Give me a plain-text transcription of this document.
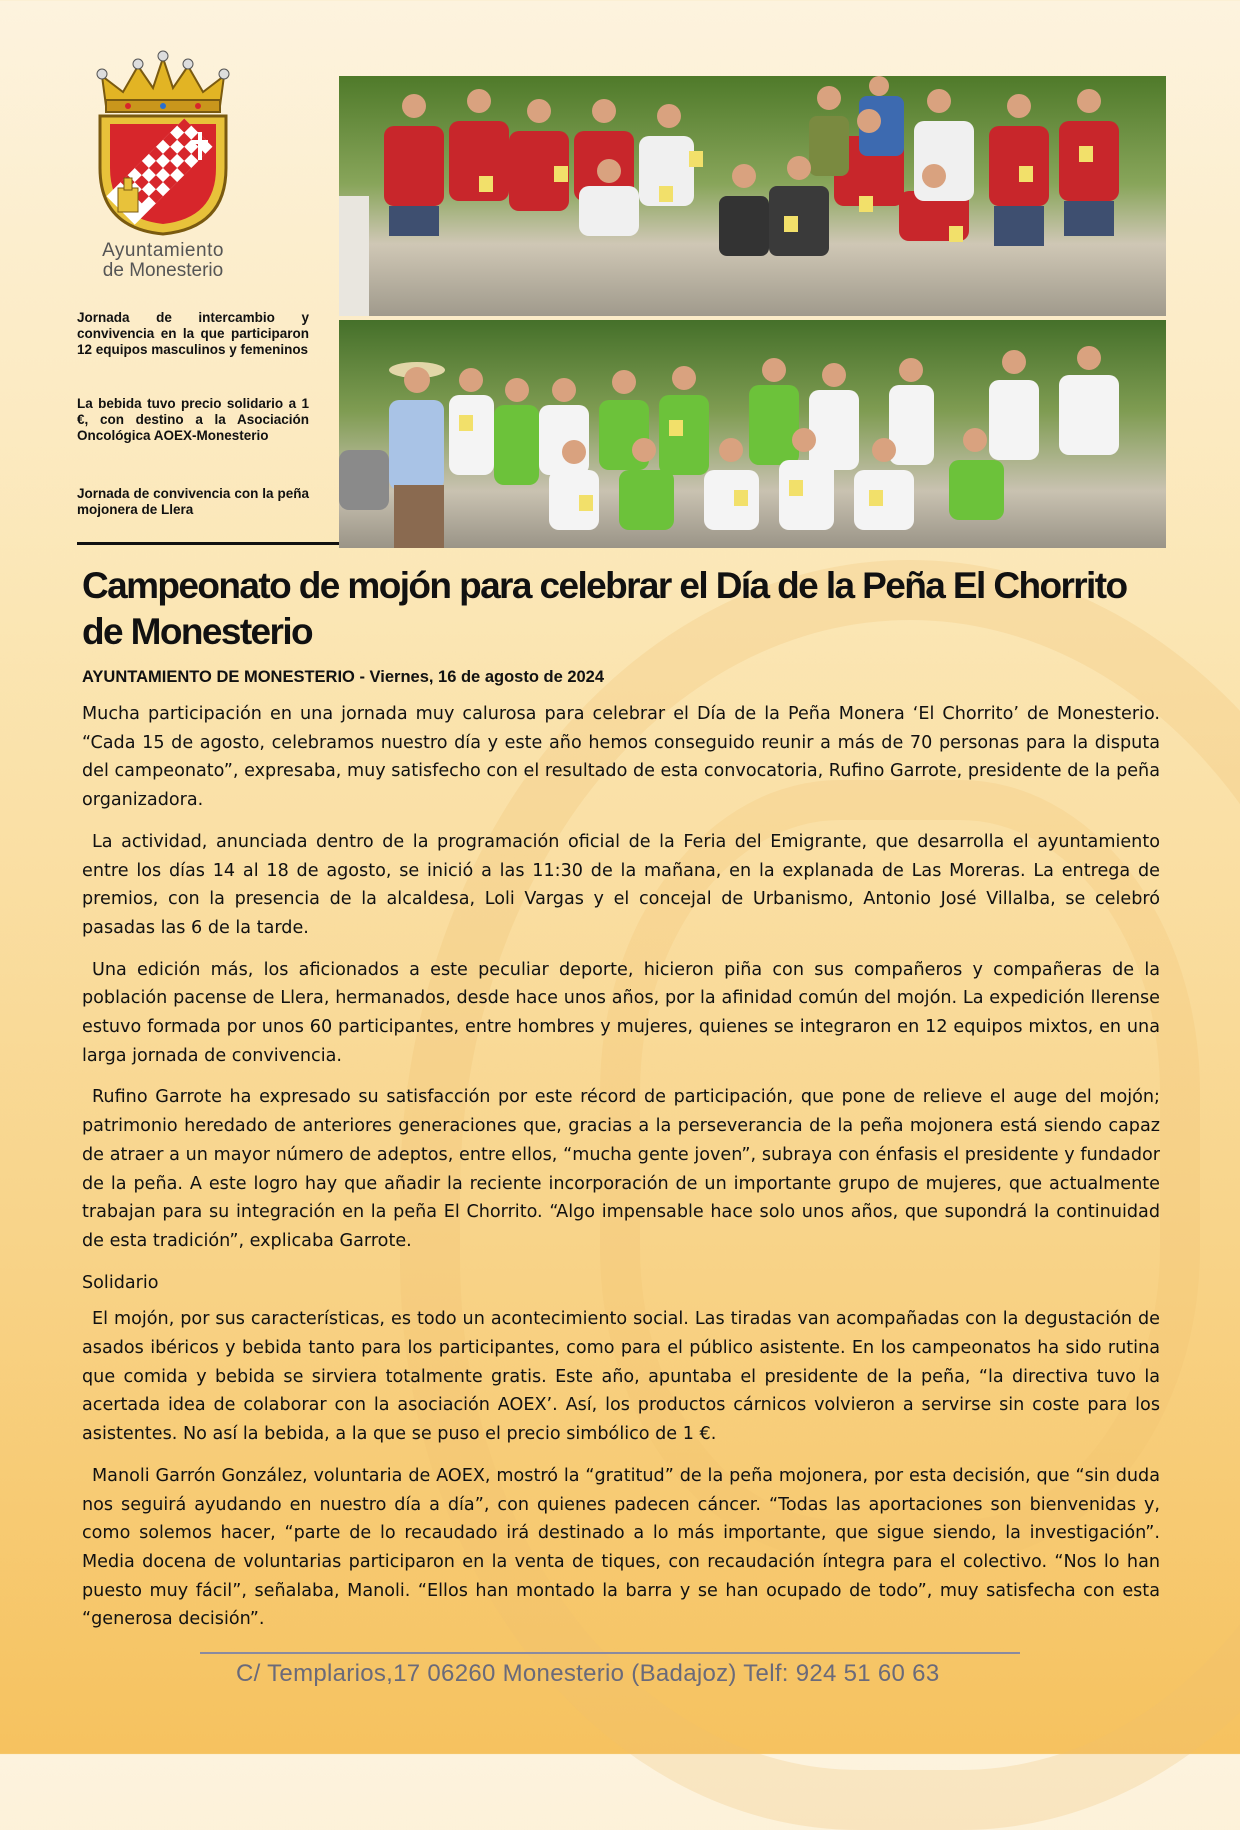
Ayuntamiento
de Monesterio
Jornada de intercambio y convivencia en la que participaron 12 equipos masculinos y femeninos
La bebida tuvo precio solidario a 1 €, con destino a la Asociación Oncológica AOEX-Monesterio
Jornada de convivencia con la peña mojonera de Llera
Campeonato de mojón para celebrar el Día de la Peña El Chorrito de Monesterio
AYUNTAMIENTO DE MONESTERIO - Viernes, 16 de agosto de 2024

Mucha participación en una jornada muy calurosa para celebrar el Día de la Peña Monera ‘El Chorrito’ de Monesterio. “Cada 15 de agosto, celebramos nuestro día y este año hemos conseguido reunir a más de 70 personas para la disputa del campeonato”, expresaba, muy satisfecho con el resultado de esta convocatoria, Rufino Garrote, presidente de la peña organizadora.

La actividad, anunciada dentro de la programación oficial de la Feria del Emigrante, que desarrolla el ayuntamiento entre los días 14 al 18 de agosto, se inició a las 11:30 de la mañana, en la explanada de Las Moreras. La entrega de premios, con la presencia de la alcaldesa, Loli Vargas y el concejal de Urbanismo, Antonio José Villalba, se celebró pasadas las 6 de la tarde.

Una edición más, los aficionados a este peculiar deporte, hicieron piña con sus compañeros y compañeras de la población pacense de Llera, hermanados, desde hace unos años, por la afinidad común del mojón. La expedición llerense estuvo formada por unos 60 participantes, entre hombres y mujeres, quienes se integraron en 12 equipos mixtos, en una larga jornada de convivencia.

Rufino Garrote ha expresado su satisfacción por este récord de participación, que pone de relieve el auge del mojón; patrimonio heredado de anteriores generaciones que, gracias a la perseverancia de la peña mojonera está siendo capaz de atraer a un mayor número de adeptos, entre ellos, “mucha gente joven”, subraya con énfasis el presidente y fundador de la peña. A este logro hay que añadir la reciente incorporación de un importante grupo de mujeres, que actualmente trabajan para su integración en la peña El Chorrito. “Algo impensable hace solo unos años, que supondrá la continuidad de esta tradición”, explicaba Garrote.

Solidario

El mojón, por sus características, es todo un acontecimiento social. Las tiradas van acompañadas con la degustación de asados ibéricos y bebida tanto para los participantes, como para el público asistente. En los campeonatos ha sido rutina que comida y bebida se sirviera totalmente gratis. Este año, apuntaba el presidente de la peña, “la directiva tuvo la acertada idea de colaborar con la asociación AOEX’. Así, los productos cárnicos volvieron a servirse sin coste para los asistentes. No así la bebida, a la que se puso el precio simbólico de 1 €.

Manoli Garrón González, voluntaria de AOEX, mostró la “gratitud” de la peña mojonera, por esta decisión, que “sin duda nos seguirá ayudando en nuestro día a día”, con quienes padecen cáncer. “Todas las aportaciones son bienvenidas y, como solemos hacer, “parte de lo recaudado irá destinado a lo más importante, que sigue siendo, la investigación”. Media docena de voluntarias participaron en la venta de tiques, con recaudación íntegra para el colectivo. “Nos lo han puesto muy fácil”, señalaba, Manoli. “Ellos han montado la barra y se han ocupado de todo”, muy satisfecha con esta “generosa decisión”.

C/ Templarios,17 06260 Monesterio (Badajoz) Telf: 924 51 60 63
